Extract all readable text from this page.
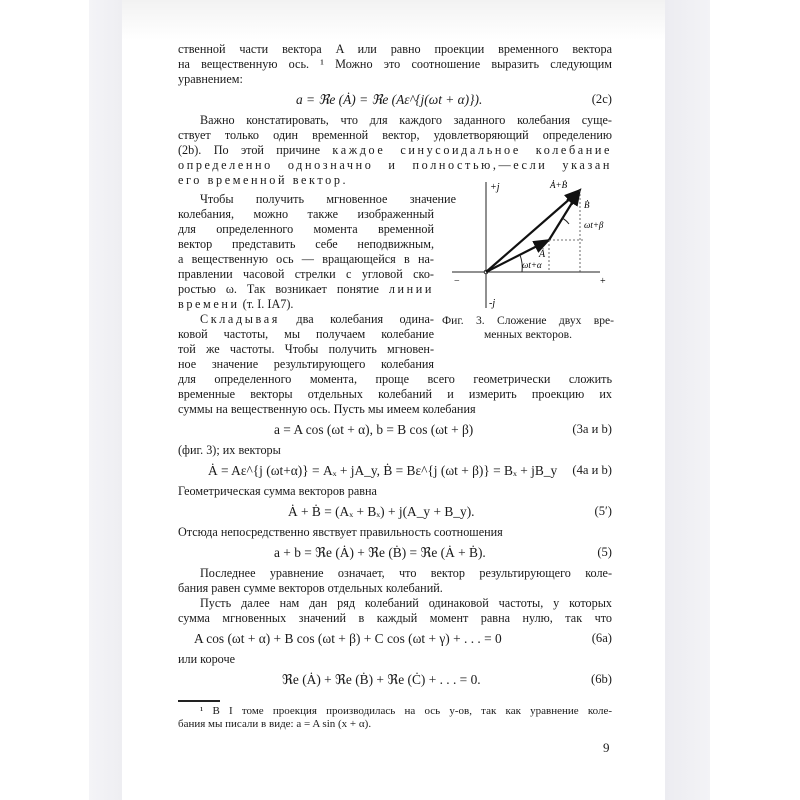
ственной части вектора A или равно проекции временного вектора
на вещественную ось. ¹ Можно это соотношение выразить следующим
уравнением:
a = ℜe (Ȧ) = ℜe (Aε^{j(ωt + α)}).	(2c)
Важно констатировать, что для каждого заданного колебания суще-
ствует только один временной вектор, удовлетворяющий определению
(2b). По этой причине каждое синусоидальное колебание
определенно однозначно и полностью,—если указан
его временной вектор.
Чтобы получить мгновенное значение
колебания, можно также изображенный
для определенного момента временной
вектор представить себе неподвижным,
а вещественную ось — вращающейся в на-
правлении часовой стрелки с угловой ско-
ростью ω. Так возникает понятие линии
времени (т. I. IA7).
Складывая два колебания одина-
ковой частоты, мы получаем колебание
той же частоты. Чтобы получить мгновен-
ное значение результирующего колебания
для определенного момента, проще всего геометрически сложить
временные векторы отдельных колебаний и измерить проекцию их
суммы на вещественную ось. Пусть мы имеем колебания
a = A cos (ωt + α), b = B cos (ωt + β)	(3a и b)
(фиг. 3); их векторы
Ȧ = Aε^{j (ωt+α)} = Aₓ + jA_y, Ḃ = Bε^{j (ωt + β)} = Bₓ + jB_y (4a и b)
Геометрическая сумма векторов равна
Ȧ + Ḃ = (Aₓ + Bₓ) + j(A_y + B_y).	(5′)
Отсюда непосредственно явствует правильность соотношения
a + b = ℜe (Ȧ) + ℜe (Ḃ) = ℜe (Ȧ + Ḃ).	(5)
Последнее уравнение означает, что вектор результирующего коле-
бания равен сумме векторов отдельных колебаний.
Пусть далее нам дан ряд колебаний одинаковой частоты, у которых
сумма мгновенных значений в каждый момент равна нулю, так что
A cos (ωt + α) + B cos (ωt + β) + C cos (ωt + γ) + . . . = 0	(6a)
или короче
ℜe (Ȧ) + ℜe (Ḃ) + ℜe (Ċ) + . . . = 0.	(6b)
+j
-j
−	+
Ȧ
Ḃ
Ȧ+Ḃ
ωt+α
ωt+β
Фиг. 3. Сложение двух вре-
менных векторов.
¹ В I томе проекция производилась на ось y-ов, так как уравнение коле-
бания мы писали в виде: a = A sin (x + α).
9
